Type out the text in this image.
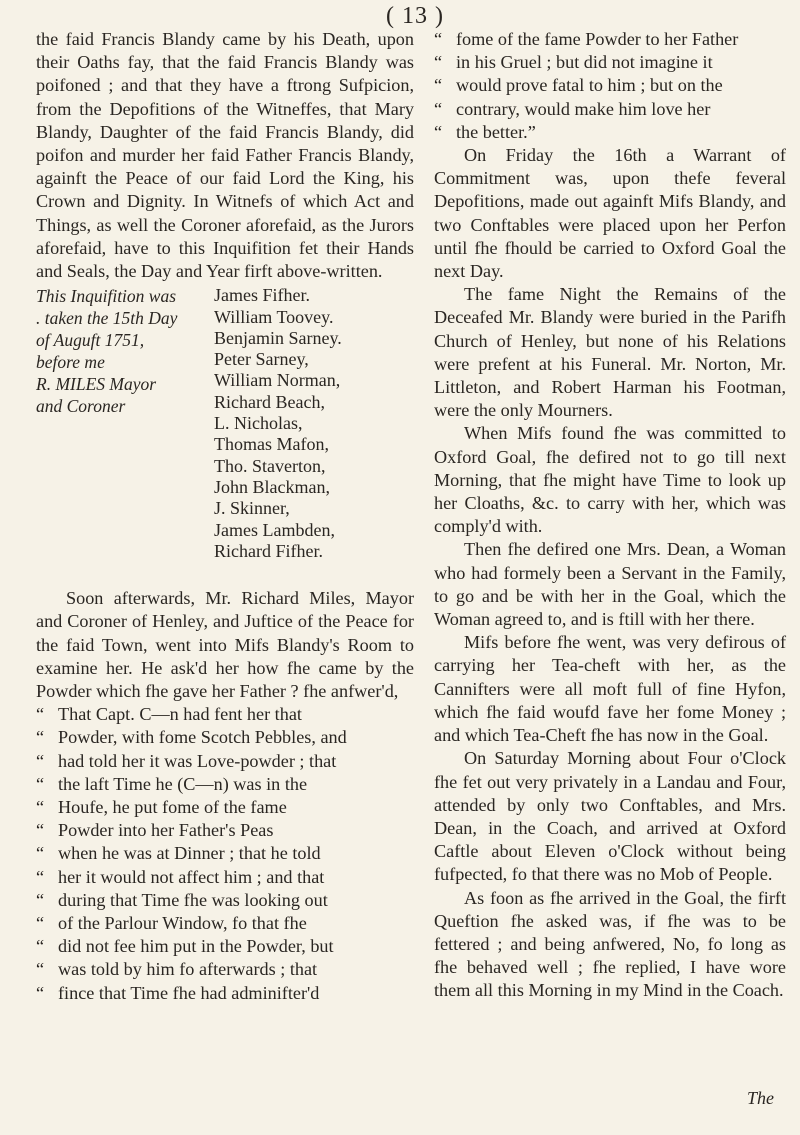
( 13 )

the faid Francis Blandy came by his Death, upon their Oaths fay, that the faid Francis Blandy was poifoned ; and that they have a ftrong Sufpicion, from the Depofitions of the Witneffes, that Mary Blandy, Daughter of the faid Francis Blandy, did poifon and murder her faid Father Francis Blandy, againft the Peace of our faid Lord the King, his Crown and Dignity. In Witnefs of which Act and Things, as well the Coroner aforefaid, as the Jurors aforefaid, have to this Inquifition fet their Hands and Seals, the Day and Year firft above-written.

This Inquifition was
. taken the 15th Day
of Auguft 1751,
before me
R. MILES Mayor
and Coroner
James Fifher.
William Toovey.
Benjamin Sarney.
Peter Sarney,
William Norman,
Richard Beach,
L. Nicholas,
Thomas Mafon,
Tho. Staverton,
John Blackman,
J. Skinner,
James Lambden,
Richard Fifher.

Soon afterwards, Mr. Richard Miles, Mayor and Coroner of Henley, and Juftice of the Peace for the faid Town, went into Mifs Blandy's Room to examine her. He ask'd her how fhe came by the Powder which fhe gave her Father ? fhe anfwer'd,

“ That Capt. C—n had fent her that
“ Powder, with fome Scotch Pebbles, and
“ had told her it was Love-powder ; that
“ the laft Time he (C—n) was in the
“ Houfe, he put fome of the fame
“ Powder into her Father's Peas
“ when he was at Dinner ; that he told
“ her it would not affect him ; and that
“ during that Time fhe was looking out
“ of the Parlour Window, fo that fhe
“ did not fee him put in the Powder, but
“ was told by him fo afterwards ; that
“ fince that Time fhe had adminifter'd
“ fome of the fame Powder to her Father
“ in his Gruel ; but did not imagine it
“ would prove fatal to him ; but on the
“ contrary, would make him love her
“ the better.”

On Friday the 16th a Warrant of Commitment was, upon thefe feveral Depofitions, made out againft Mifs Blandy, and two Conftables were placed upon her Perfon until fhe fhould be carried to Oxford Goal the next Day.

The fame Night the Remains of the Deceafed Mr. Blandy were buried in the Parifh Church of Henley, but none of his Relations were prefent at his Funeral. Mr. Norton, Mr. Littleton, and Robert Harman his Footman, were the only Mourners.

When Mifs found fhe was committed to Oxford Goal, fhe defired not to go till next Morning, that fhe might have Time to look up her Cloaths, &c. to carry with her, which was comply'd with.

Then fhe defired one Mrs. Dean, a Woman who had formely been a Servant in the Family, to go and be with her in the Goal, which the Woman agreed to, and is ftill with her there.

Mifs before fhe went, was very defirous of carrying her Tea-cheft with her, as the Cannifters were all moft full of fine Hyfon, which fhe faid woufd fave her fome Money ; and which Tea-Cheft fhe has now in the Goal.

On Saturday Morning about Four o'Clock fhe fet out very privately in a Landau and Four, attended by only two Conftables, and Mrs. Dean, in the Coach, and arrived at Oxford Caftle about Eleven o'Clock without being fufpected, fo that there was no Mob of People.

As foon as fhe arrived in the Goal, the firft Queftion fhe asked was, if fhe was to be fettered ; and being anfwered, No, fo long as fhe behaved well ; fhe replied, I have wore them all this Morning in my Mind in the Coach.

The
